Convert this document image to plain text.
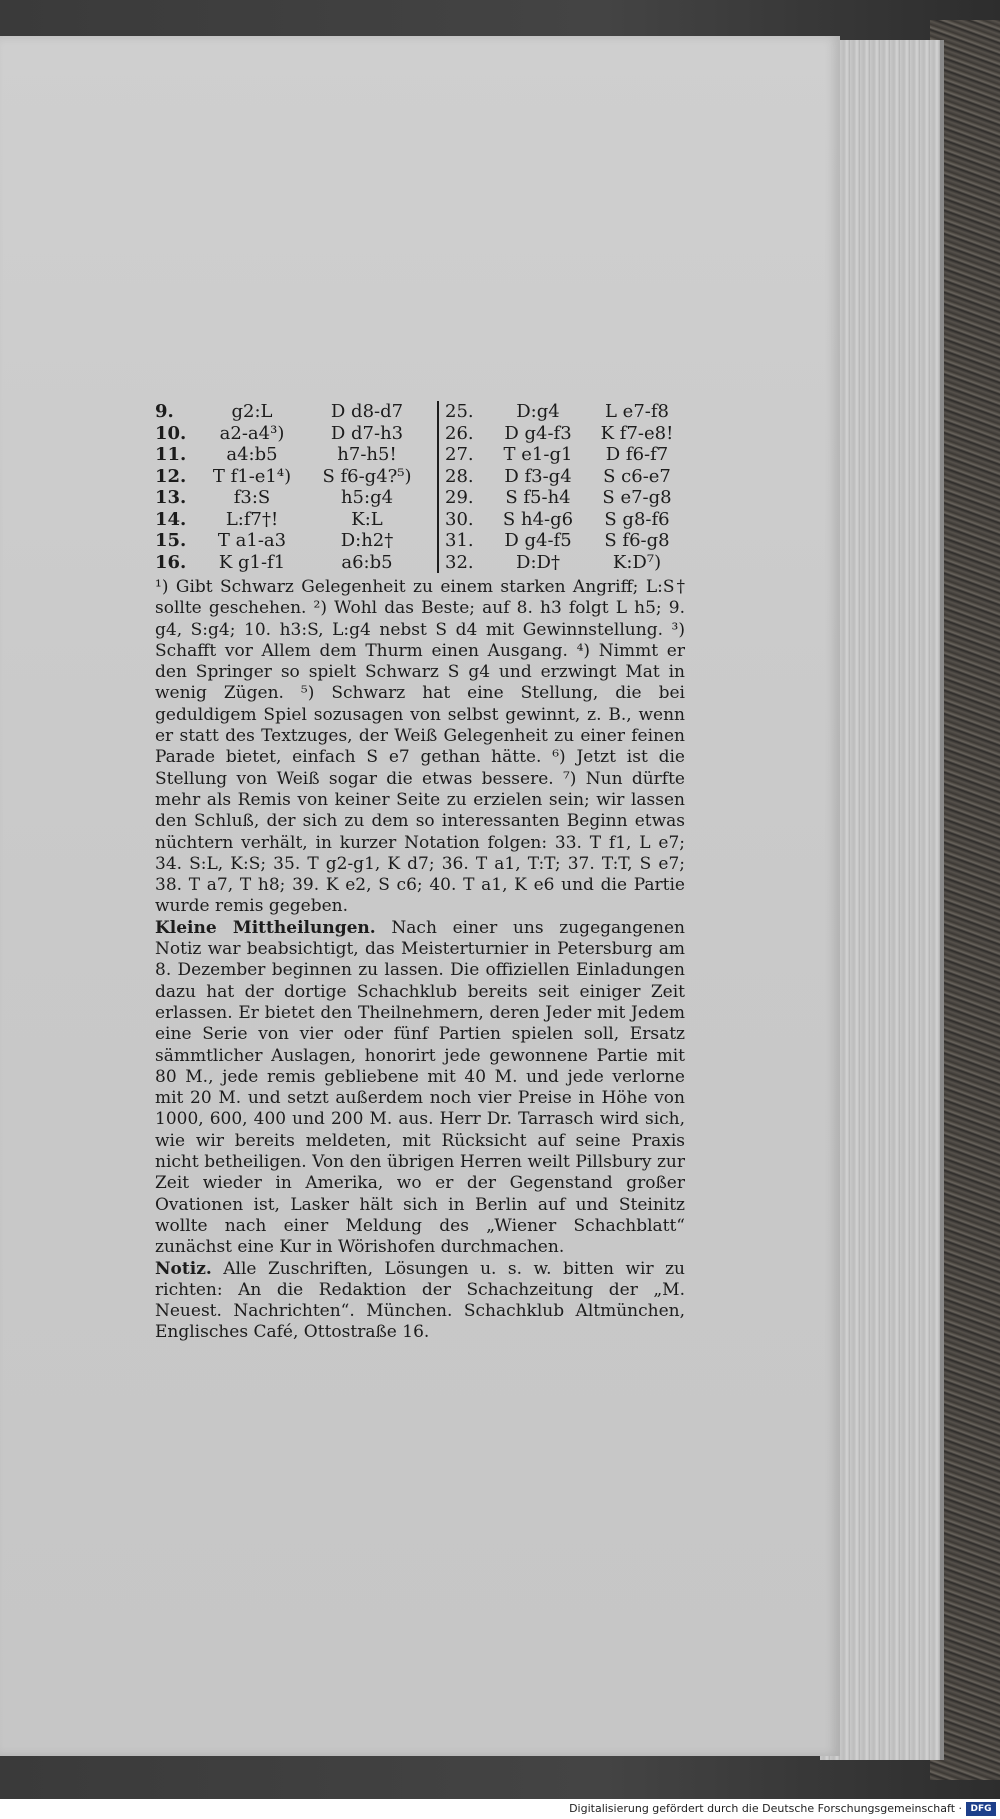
9.	g2:L	D d8-d7
10.	a2-a4³)	D d7-h3
11.	a4:b5	h7-h5!
12.	T f1-e1⁴)	S f6-g4?⁵)
13.	f3:S	h5:g4
14.	L:f7†!	K:L
15.	T a1-a3	D:h2†
16.	K g1-f1	a6:b5
25.	D:g4	L e7-f8
26.	D g4-f3	K f7-e8!
27.	T e1-g1	D f6-f7
28.	D f3-g4	S c6-e7
29.	S f5-h4	S e7-g8
30.	S h4-g6	S g8-f6
31.	D g4-f5	S f6-g8
32.	D:D†	K:D⁷)

¹) Gibt Schwarz Gelegenheit zu einem starken Angriff; L:S† sollte geschehen. ²) Wohl das Beste; auf 8. h3 folgt L h5; 9. g4, S:g4; 10. h3:S, L:g4 nebst S d4 mit Gewinnstellung. ³) Schafft vor Allem dem Thurm einen Ausgang. ⁴) Nimmt er den Springer so spielt Schwarz S g4 und erzwingt Mat in wenig Zügen. ⁵) Schwarz hat eine Stellung, die bei geduldigem Spiel sozusagen von selbst gewinnt, z. B., wenn er statt des Textzuges, der Weiß Gelegenheit zu einer feinen Parade bietet, einfach S e7 gethan hätte. ⁶) Jetzt ist die Stellung von Weiß sogar die etwas bessere. ⁷) Nun dürfte mehr als Remis von keiner Seite zu erzielen sein; wir lassen den Schluß, der sich zu dem so interessanten Beginn etwas nüchtern verhält, in kurzer Notation folgen: 33. T f1, L e7; 34. S:L, K:S; 35. T g2-g1, K d7; 36. T a1, T:T; 37. T:T, S e7; 38. T a7, T h8; 39. K e2, S c6; 40. T a1, K e6 und die Partie wurde remis gegeben.

Kleine Mittheilungen. Nach einer uns zugegangenen Notiz war beabsichtigt, das Meisterturnier in Petersburg am 8. Dezember beginnen zu lassen. Die offiziellen Einladungen dazu hat der dortige Schachklub bereits seit einiger Zeit erlassen. Er bietet den Theilnehmern, deren Jeder mit Jedem eine Serie von vier oder fünf Partien spielen soll, Ersatz sämmtlicher Auslagen, honorirt jede gewonnene Partie mit 80 M., jede remis gebliebene mit 40 M. und jede verlorne mit 20 M. und setzt außerdem noch vier Preise in Höhe von 1000, 600, 400 und 200 M. aus. Herr Dr. Tarrasch wird sich, wie wir bereits meldeten, mit Rücksicht auf seine Praxis nicht betheiligen. Von den übrigen Herren weilt Pillsbury zur Zeit wieder in Amerika, wo er der Gegenstand großer Ovationen ist, Lasker hält sich in Berlin auf und Steinitz wollte nach einer Meldung des „Wiener Schachblatt“ zunächst eine Kur in Wörishofen durchmachen.

Notiz. Alle Zuschriften, Lösungen u. s. w. bitten wir zu richten: An die Redaktion der Schachzeitung der „M. Neuest. Nachrichten“. München. Schachklub Altmünchen, Englisches Café, Ottostraße 16.

Digitalisierung gefördert durch die Deutsche Forschungsgemeinschaft · DFG
